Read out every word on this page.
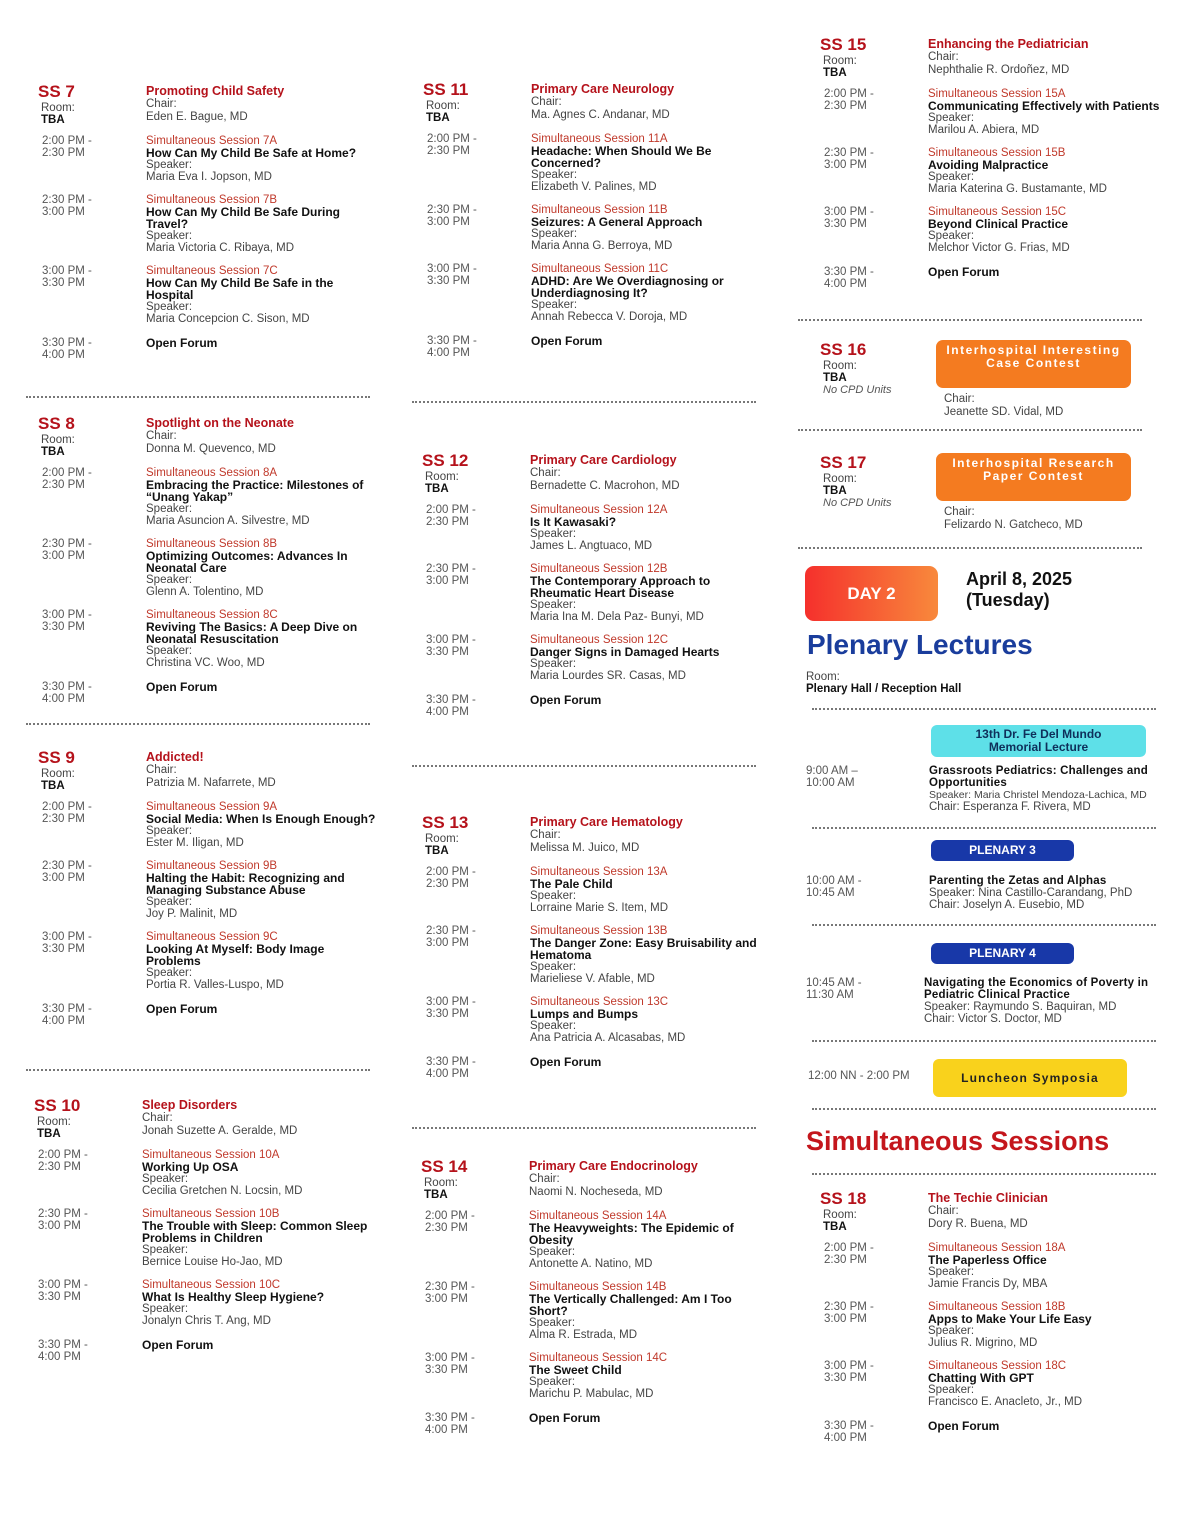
SS 7
Room:
TBA
Promoting Child Safety
Chair:
Eden E. Bague, MD
2:00 PM -
2:30 PM
Simultaneous Session 7A
How Can My Child Be Safe at Home?
Speaker:
Maria Eva I. Jopson, MD
2:30 PM -
3:00 PM
Simultaneous Session 7B
How Can My Child Be Safe During Travel?
Speaker:
Maria Victoria C. Ribaya, MD
3:00 PM -
3:30 PM
Simultaneous Session 7C
How Can My Child Be Safe in the Hospital
Speaker:
Maria Concepcion C. Sison, MD
3:30 PM -
4:00 PM
Open Forum
SS 8
Room:
TBA
Spotlight on the Neonate
Chair:
Donna M. Quevenco, MD
2:00 PM -
2:30 PM
Simultaneous Session 8A
Embracing the Practice: Milestones of “Unang Yakap”
Speaker:
Maria Asuncion A. Silvestre, MD
2:30 PM -
3:00 PM
Simultaneous Session 8B
Optimizing Outcomes: Advances In Neonatal Care
Speaker:
Glenn A. Tolentino, MD
3:00 PM -
3:30 PM
Simultaneous Session 8C
Reviving The Basics: A Deep Dive on Neonatal Resuscitation
Speaker:
Christina VC. Woo, MD
3:30 PM -
4:00 PM
Open Forum
SS 9
Room:
TBA
Addicted!
Chair:
Patrizia M. Nafarrete, MD
2:00 PM -
2:30 PM
Simultaneous Session 9A
Social Media: When Is Enough Enough?
Speaker:
Ester M. Iligan, MD
2:30 PM -
3:00 PM
Simultaneous Session 9B
Halting the Habit: Recognizing and Managing Substance Abuse
Speaker:
Joy P. Malinit, MD
3:00 PM -
3:30 PM
Simultaneous Session 9C
Looking At Myself: Body Image Problems
Speaker:
Portia R. Valles-Luspo, MD
3:30 PM -
4:00 PM
Open Forum
SS 10
Room:
TBA
Sleep Disorders
Chair:
Jonah Suzette A. Geralde, MD
2:00 PM -
2:30 PM
Simultaneous Session 10A
Working Up OSA
Speaker:
Cecilia Gretchen N. Locsin, MD
2:30 PM -
3:00 PM
Simultaneous Session 10B
The Trouble with Sleep: Common Sleep Problems in Children
Speaker:
Bernice Louise Ho-Jao, MD
3:00 PM -
3:30 PM
Simultaneous Session 10C
What Is Healthy Sleep Hygiene?
Speaker:
Jonalyn Chris T. Ang, MD
3:30 PM -
4:00 PM
Open Forum
SS 11
Room:
TBA
Primary Care Neurology
Chair:
Ma. Agnes C. Andanar, MD
2:00 PM -
2:30 PM
Simultaneous Session 11A
Headache: When Should We Be Concerned?
Speaker:
Elizabeth V. Palines, MD
2:30 PM -
3:00 PM
Simultaneous Session 11B
Seizures: A General Approach
Speaker:
Maria Anna G. Berroya, MD
3:00 PM -
3:30 PM
Simultaneous Session 11C
ADHD: Are We Overdiagnosing or Underdiagnosing It?
Speaker:
Annah Rebecca V. Doroja, MD
3:30 PM -
4:00 PM
Open Forum
SS 12
Room:
TBA
Primary Care Cardiology
Chair:
Bernadette C. Macrohon, MD
2:00 PM -
2:30 PM
Simultaneous Session 12A
Is It Kawasaki?
Speaker:
James L. Angtuaco, MD
2:30 PM -
3:00 PM
Simultaneous Session 12B
The Contemporary Approach to Rheumatic Heart Disease
Speaker:
Maria Ina M. Dela Paz- Bunyi, MD
3:00 PM -
3:30 PM
Simultaneous Session 12C
Danger Signs in Damaged Hearts
Speaker:
Maria Lourdes SR. Casas, MD
3:30 PM -
4:00 PM
Open Forum
SS 13
Room:
TBA
Primary Care Hematology
Chair:
Melissa M. Juico, MD
2:00 PM -
2:30 PM
Simultaneous Session 13A
The Pale Child
Speaker:
Lorraine Marie S. Item, MD
2:30 PM -
3:00 PM
Simultaneous Session 13B
The Danger Zone: Easy Bruisability and Hematoma
Speaker:
Marieliese V. Afable, MD
3:00 PM -
3:30 PM
Simultaneous Session 13C
Lumps and Bumps
Speaker:
Ana Patricia A. Alcasabas, MD
3:30 PM -
4:00 PM
Open Forum
SS 14
Room:
TBA
Primary Care Endocrinology
Chair:
Naomi N. Nocheseda, MD
2:00 PM -
2:30 PM
Simultaneous Session 14A
The Heavyweights: The Epidemic of Obesity
Speaker:
Antonette A. Natino, MD
2:30 PM -
3:00 PM
Simultaneous Session 14B
The Vertically Challenged: Am I Too Short?
Speaker:
Alma R. Estrada, MD
3:00 PM -
3:30 PM
Simultaneous Session 14C
The Sweet Child
Speaker:
Marichu P. Mabulac, MD
3:30 PM -
4:00 PM
Open Forum
SS 15
Room:
TBA
Enhancing the Pediatrician
Chair:
Nephthalie R. Ordoñez, MD
2:00 PM -
2:30 PM
Simultaneous Session 15A
Communicating Effectively with Patients
Speaker:
Marilou A. Abiera, MD
2:30 PM -
3:00 PM
Simultaneous Session 15B
Avoiding Malpractice
Speaker:
Maria Katerina G. Bustamante, MD
3:00 PM -
3:30 PM
Simultaneous Session 15C
Beyond Clinical Practice
Speaker:
Melchor Victor G. Frias, MD
3:30 PM -
4:00 PM
Open Forum
SS 16
Room:
TBA
No CPD Units
Interhospital Interesting Case Contest
Chair:
Jeanette SD. Vidal, MD
SS 17
Room:
TBA
No CPD Units
Interhospital Research Paper Contest
Chair:
Felizardo N. Gatcheco, MD
SS 18
Room:
TBA
The Techie Clinician
Chair:
Dory R. Buena, MD
2:00 PM -
2:30 PM
Simultaneous Session 18A
The Paperless Office
Speaker:
Jamie Francis Dy, MBA
2:30 PM -
3:00 PM
Simultaneous Session 18B
Apps to Make Your Life Easy
Speaker:
Julius R. Migrino, MD
3:00 PM -
3:30 PM
Simultaneous Session 18C
Chatting With GPT
Speaker:
Francisco E. Anacleto, Jr., MD
3:30 PM -
4:00 PM
Open Forum
DAY 2
April 8, 2025
(Tuesday)
Plenary Lectures
Room:
Plenary Hall / Reception Hall
13th Dr. Fe Del Mundo Memorial Lecture
9:00 AM –
10:00 AM
Grassroots Pediatrics: Challenges and Opportunities
Speaker: Maria Christel Mendoza-Lachica, MD
Chair: Esperanza F. Rivera, MD
PLENARY 3
10:00 AM -
10:45 AM
Parenting the Zetas and Alphas
Speaker: Nina Castillo-Carandang, PhD
Chair: Joselyn A. Eusebio, MD
PLENARY 4
10:45 AM -
11:30 AM
Navigating the Economics of Poverty in Pediatric Clinical Practice
Speaker: Raymundo S. Baquiran, MD
Chair: Victor S. Doctor, MD
12:00 NN - 2:00 PM	Luncheon Symposia
Simultaneous Sessions
